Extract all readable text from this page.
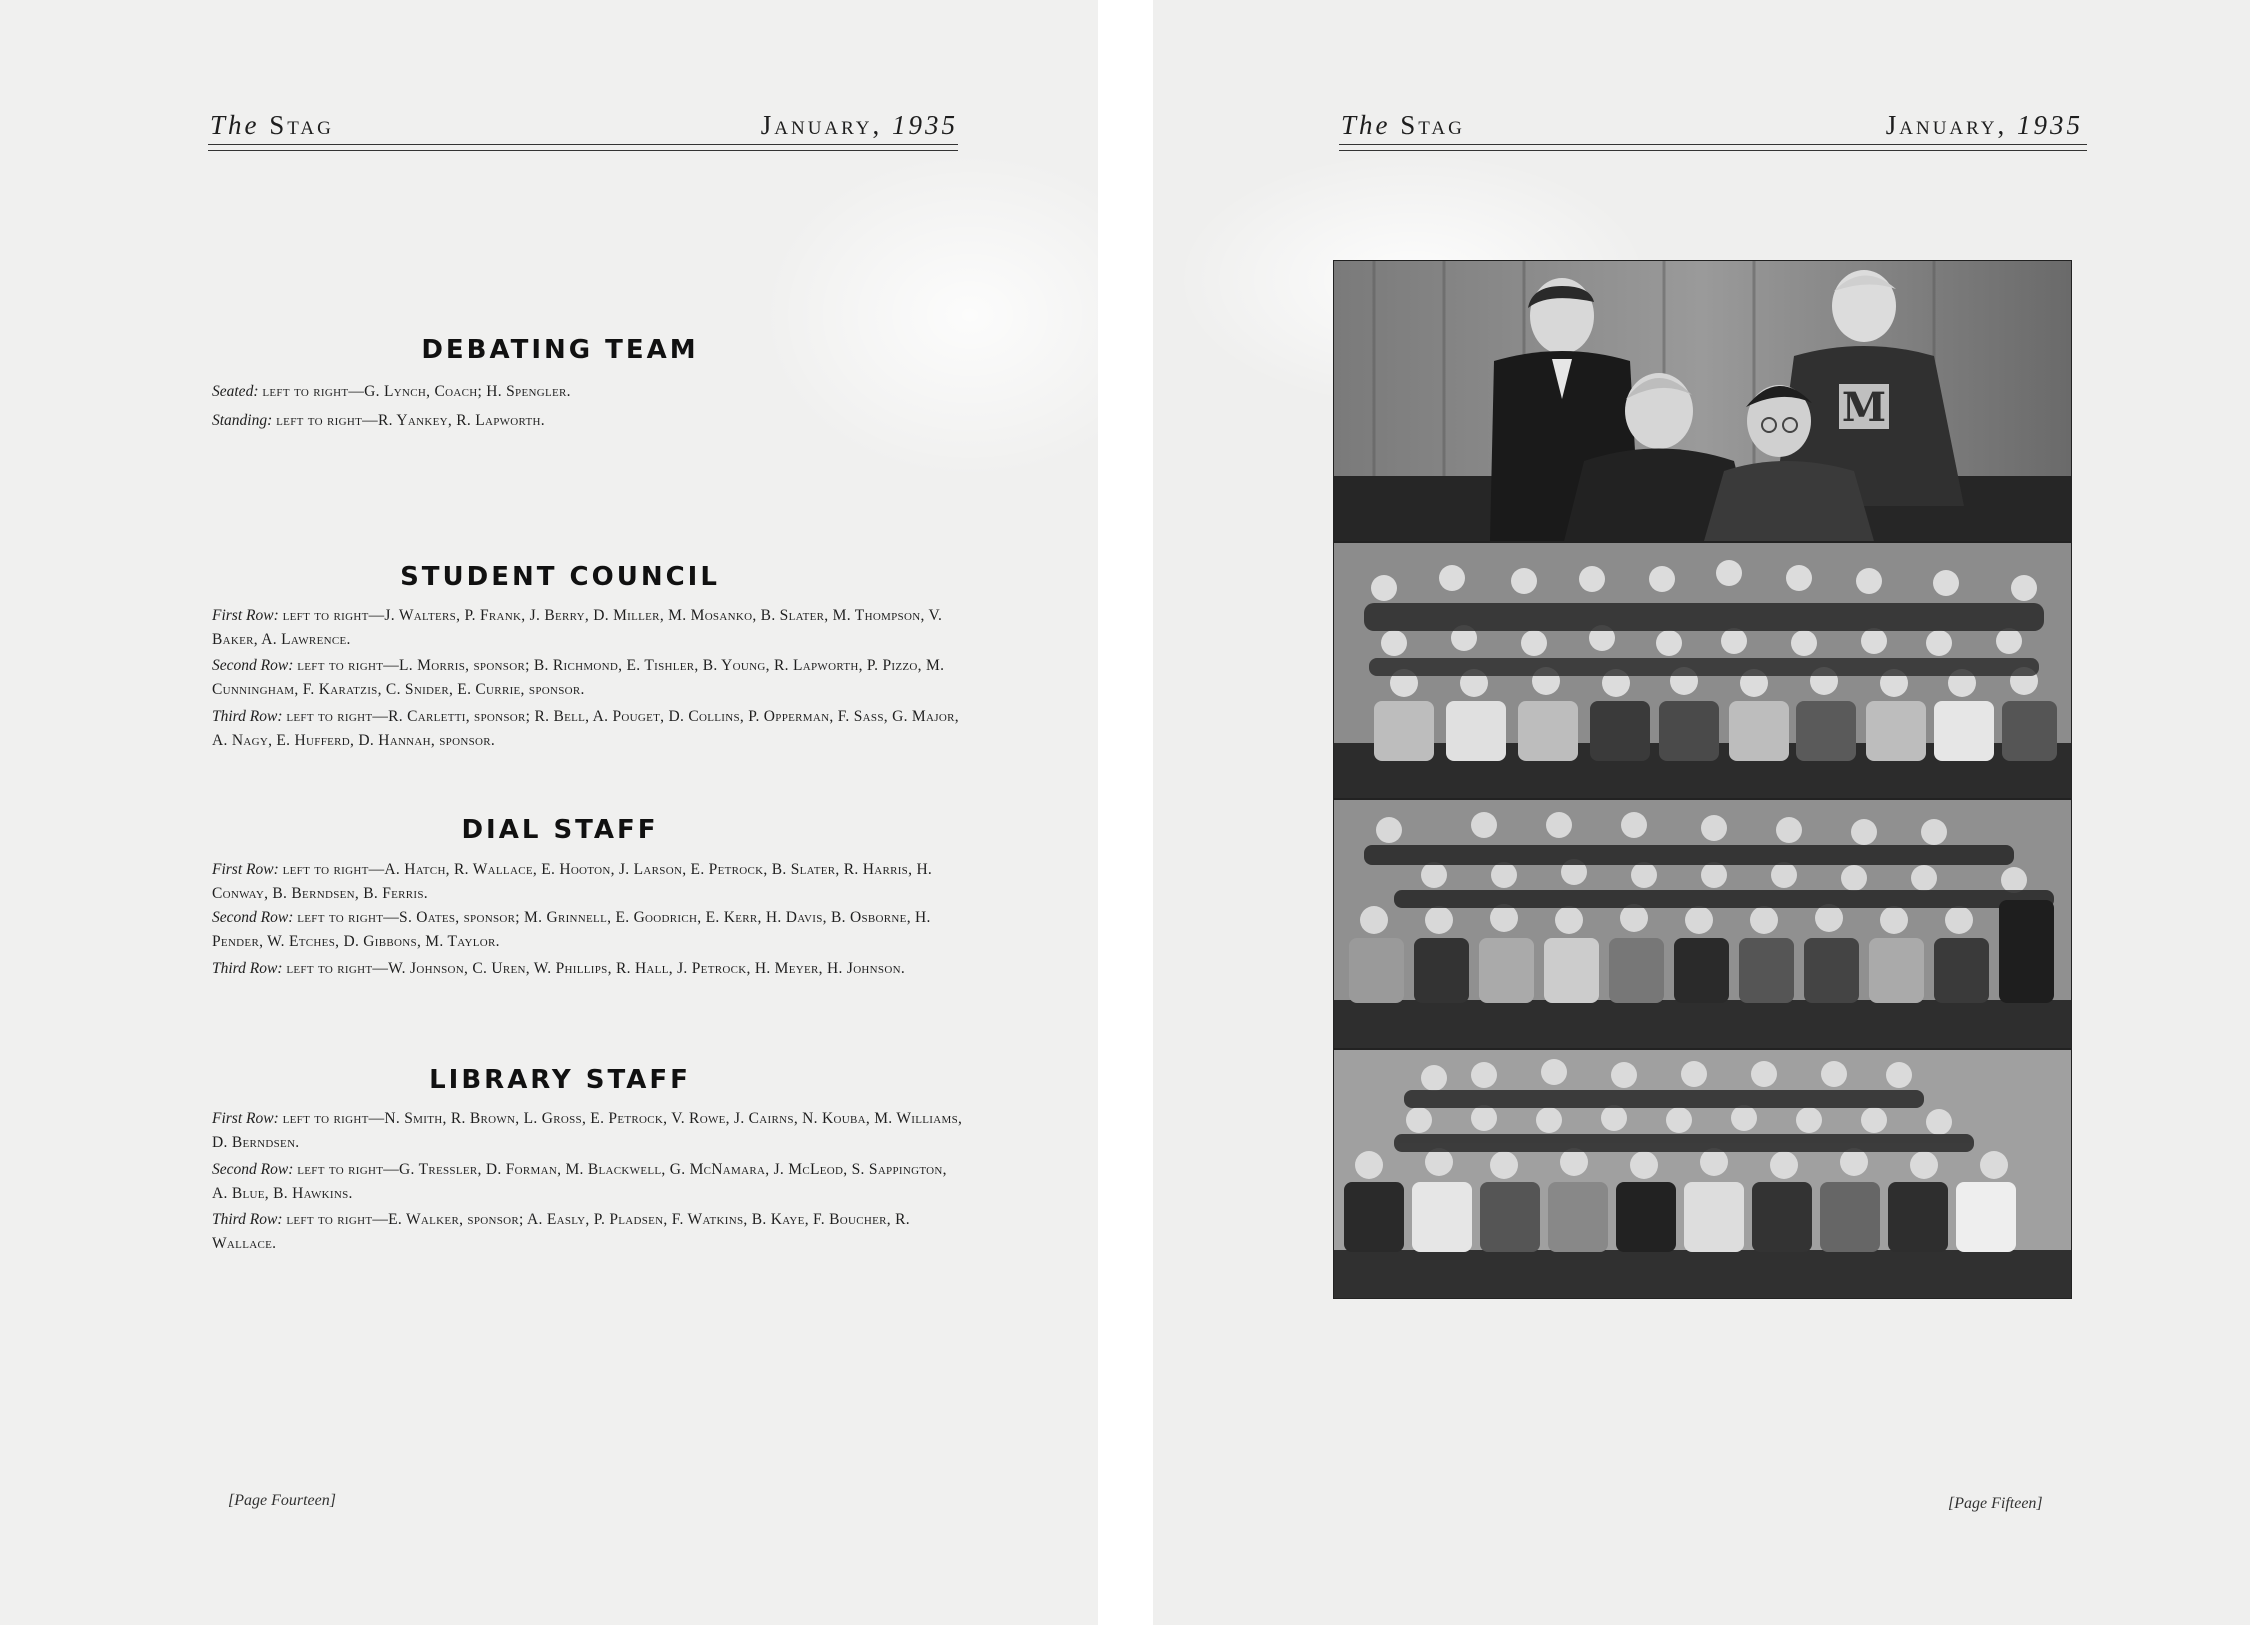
The Stag	January, 1935
DEBATING TEAM
Seated: left to right—G. Lynch, Coach; H. Spengler.
Standing: left to right—R. Yankey, R. Lapworth.
STUDENT COUNCIL
First Row: left to right—J. Walters, P. Frank, J. Berry, D. Miller, M. Mosanko, B. Slater, M. Thompson, V. Baker, A. Lawrence.
Second Row: left to right—L. Morris, sponsor; B. Richmond, E. Tishler, B. Young, R. Lapworth, P. Pizzo, M. Cunningham, F. Karatzis, C. Snider, E. Currie, sponsor.
Third Row: left to right—R. Carletti, sponsor; R. Bell, A. Pouget, D. Collins, P. Opperman, F. Sass, G. Major, A. Nagy, E. Hufferd, D. Hannah, sponsor.
DIAL STAFF
First Row: left to right—A. Hatch, R. Wallace, E. Hooton, J. Larson, E. Petrock, B. Slater, R. Harris, H. Conway, B. Berndsen, B. Ferris.
Second Row: left to right—S. Oates, sponsor; M. Grinnell, E. Goodrich, E. Kerr, H. Davis, B. Osborne, H. Pender, W. Etches, D. Gibbons, M. Taylor.
Third Row: left to right—W. Johnson, C. Uren, W. Phillips, R. Hall, J. Petrock, H. Meyer, H. Johnson.
LIBRARY STAFF
First Row: left to right—N. Smith, R. Brown, L. Gross, E. Petrock, V. Rowe, J. Cairns, N. Kouba, M. Williams, D. Berndsen.
Second Row: left to right—G. Tressler, D. Forman, M. Blackwell, G. McNamara, J. McLeod, S. Sappington, A. Blue, B. Hawkins.
Third Row: left to right—E. Walker, sponsor; A. Easly, P. Pladsen, F. Watkins, B. Kaye, F. Boucher, R. Wallace.
[Page Fourteen]
The Stag	January, 1935
[Page Fifteen]
M
